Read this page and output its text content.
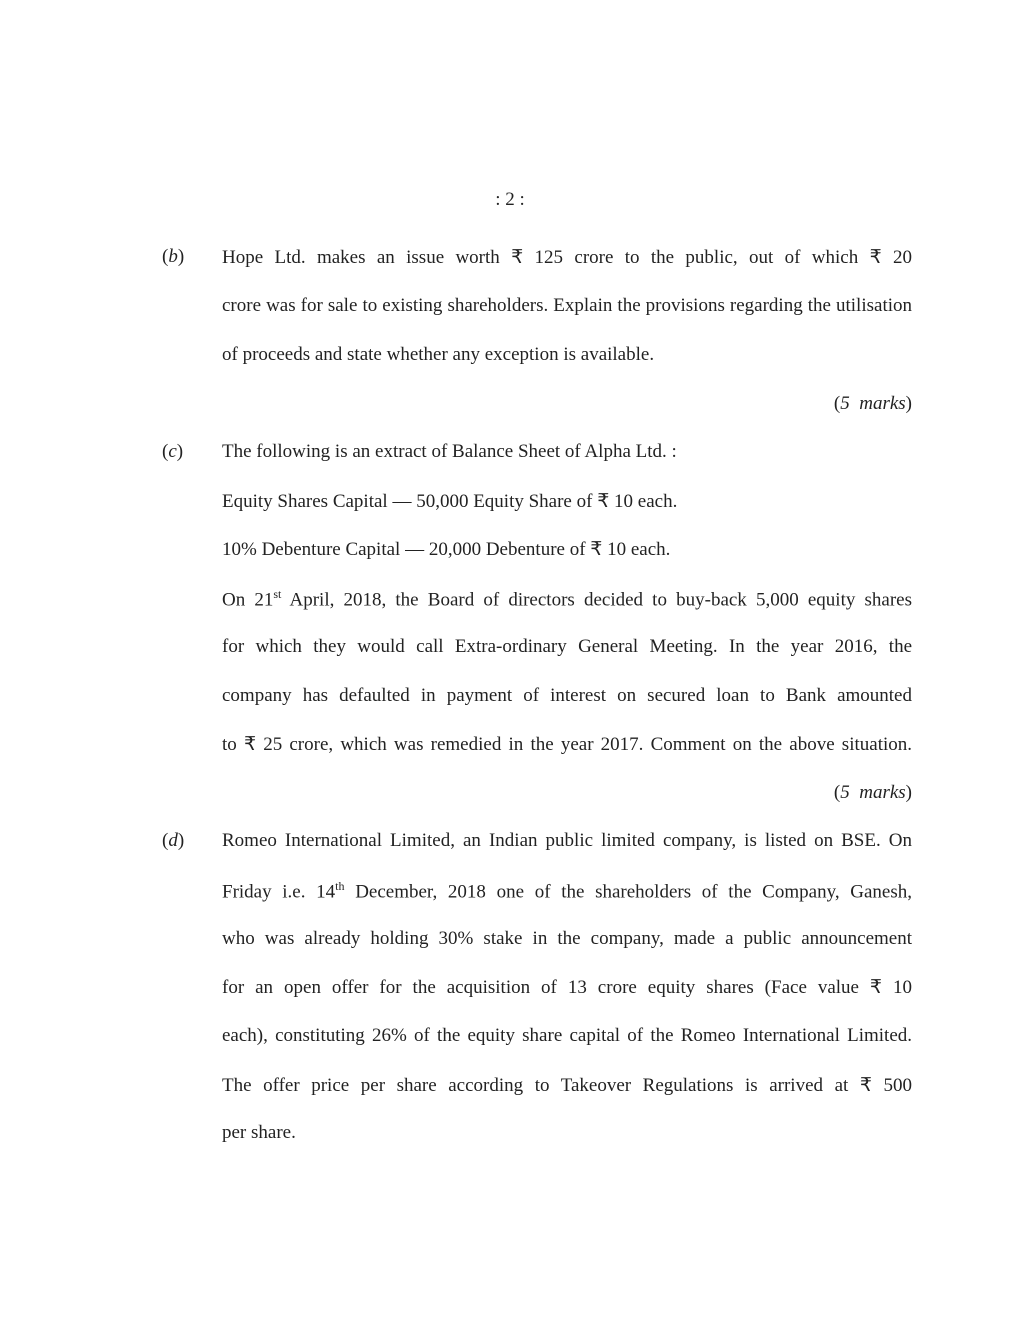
: 2 :
(b) Hope Ltd. makes an issue worth ₹ 125 crore to the public, out of which ₹ 20
crore was for sale to existing shareholders. Explain the provisions regarding the utilisation
of proceeds and state whether any exception is available.
(5 marks)
(c) The following is an extract of Balance Sheet of Alpha Ltd. :
Equity Shares Capital — 50,000 Equity Share of ₹ 10 each.
10% Debenture Capital — 20,000 Debenture of ₹ 10 each.
On 21st April, 2018, the Board of directors decided to buy-back 5,000 equity shares
for which they would call Extra-ordinary General Meeting. In the year 2016, the
company has defaulted in payment of interest on secured loan to Bank amounted
to ₹ 25 crore, which was remedied in the year 2017. Comment on the above situation.
(5 marks)
(d) Romeo International Limited, an Indian public limited company, is listed on BSE. On
Friday i.e. 14th December, 2018 one of the shareholders of the Company, Ganesh,
who was already holding 30% stake in the company, made a public announcement
for an open offer for the acquisition of 13 crore equity shares (Face value ₹ 10
each), constituting 26% of the equity share capital of the Romeo International Limited.
The offer price per share according to Takeover Regulations is arrived at ₹ 500
per share.
